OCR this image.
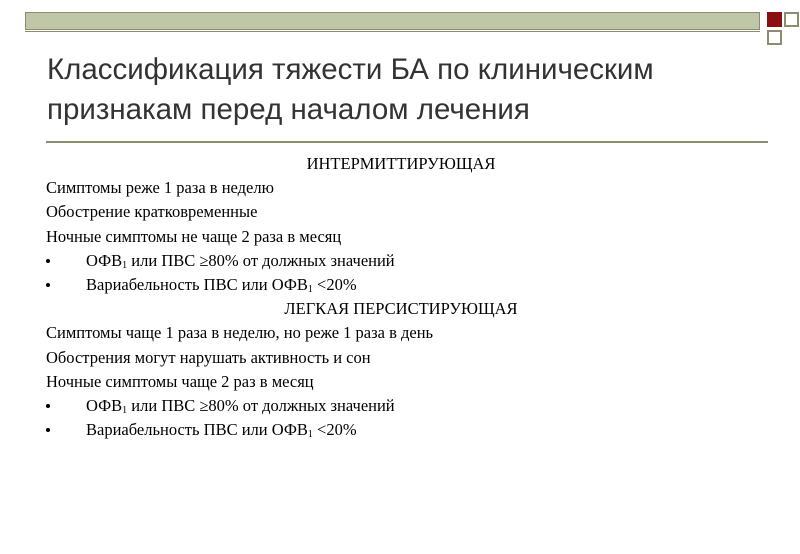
Классификация тяжести БА по клиническим
признакам перед началом лечения
ИНТЕРМИТТИРУЮЩАЯ
Симптомы реже 1 раза в неделю
Обострение кратковременные
Ночные симптомы не чаще 2 раза в месяц
$ОФВ_1$ или ПВС ≥80% от должных значений
Вариабельность ПВС или $ОФВ_1 <20\%$
ЛЕГКАЯ ПЕРСИСТИРУЮЩАЯ
Симптомы чаще 1 раза в неделю, но реже 1 раза в день
Обострения могут нарушать активность и сон
Ночные симптомы чаще 2 раз в месяц
$ОФВ_1$ или ПВС ≥80% от должных значений
Вариабельность ПВС или $ОФВ_1 <20\%$
